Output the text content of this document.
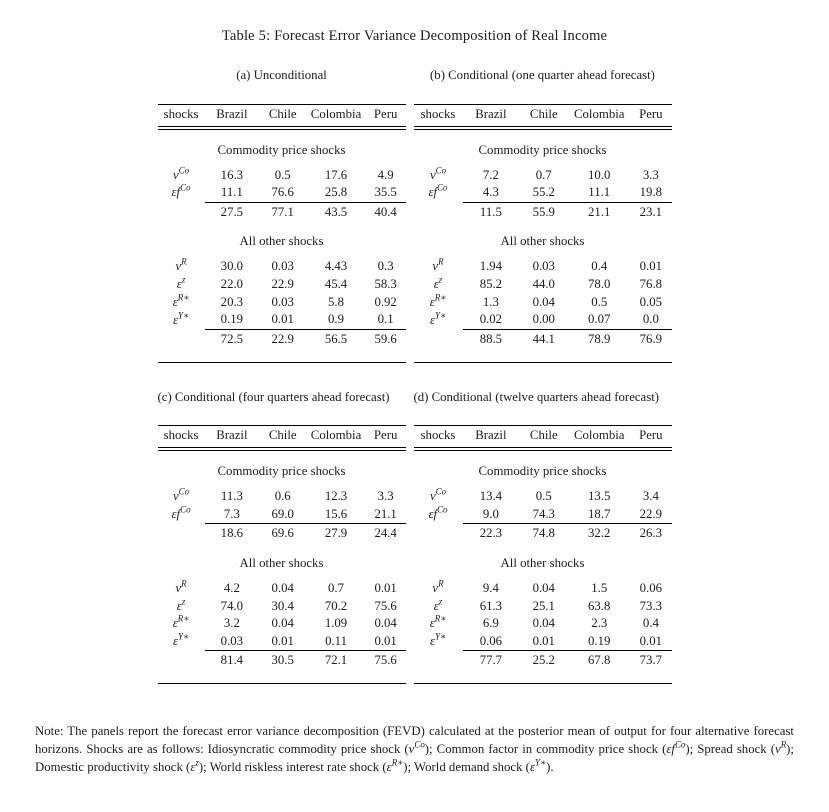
Table 5: Forecast Error Variance Decomposition of Real Income
(a) Unconditional
shocks	Brazil	Chile	Colombia	Peru
Commodity price shocks				
$\nu^{Co}$	16.3	0.5	17.6	4.9
$\varepsilon f^{Co}$	11.1	76.6	25.8	35.5
	27.5	77.1	43.5	40.4
All other shocks				
$\nu^R$	30.0	0.03	4.43	0.3
$\varepsilon^z$	22.0	22.9	45.4	58.3
$\varepsilon^{R∗}$	20.3	0.03	5.8	0.92
$\varepsilon^{Y∗}$	0.19	0.01	0.9	0.1
	72.5	22.9	56.5	59.6

(b) Conditional (one quarter ahead forecast)
shocks	Brazil	Chile	Colombia	Peru
Commodity price shocks				
$\nu^{Co}$	7.2	0.7	10.0	3.3
$\varepsilon f^{Co}$	4.3	55.2	11.1	19.8
	11.5	55.9	21.1	23.1
All other shocks				
$\nu^R$	1.94	0.03	0.4	0.01
$\varepsilon^z$	85.2	44.0	78.0	76.8
$\varepsilon^{R∗}$	1.3	0.04	0.5	0.05
$\varepsilon^{Y∗}$	0.02	0.00	0.07	0.0
	88.5	44.1	78.9	76.9

(c) Conditional (four quarters ahead forecast)
shocks	Brazil	Chile	Colombia	Peru
Commodity price shocks				
$\nu^{Co}$	11.3	0.6	12.3	3.3
$\varepsilon f^{Co}$	7.3	69.0	15.6	21.1
	18.6	69.6	27.9	24.4
All other shocks				
$\nu^R$	4.2	0.04	0.7	0.01
$\varepsilon^z$	74.0	30.4	70.2	75.6
$\varepsilon^{R∗}$	3.2	0.04	1.09	0.04
$\varepsilon^{Y∗}$	0.03	0.01	0.11	0.01
	81.4	30.5	72.1	75.6

(d) Conditional (twelve quarters ahead forecast)
shocks	Brazil	Chile	Colombia	Peru
Commodity price shocks				
$\nu^{Co}$	13.4	0.5	13.5	3.4
$\varepsilon f^{Co}$	9.0	74.3	18.7	22.9
	22.3	74.8	32.2	26.3
All other shocks				
$\nu^R$	9.4	0.04	1.5	0.06
$\varepsilon^z$	61.3	25.1	63.8	73.3
$\varepsilon^{R∗}$	6.9	0.04	2.3	0.4
$\varepsilon^{Y∗}$	0.06	0.01	0.19	0.01
	77.7	25.2	67.8	73.7

Note: The panels report the forecast error variance decomposition (FEVD) calculated at the posterior mean of output for four alternative forecast horizons. Shocks are as follows: Idiosyncratic commodity price shock $(\nu^{Co})$; Common factor in commodity price shock $(\varepsilon f^{Co})$; Spread shock $(\nu^R)$; Domestic productivity shock $(\varepsilon^z)$; World riskless interest rate shock $(\varepsilon^{R∗})$; World demand shock $(\varepsilon^{Y∗})$.
